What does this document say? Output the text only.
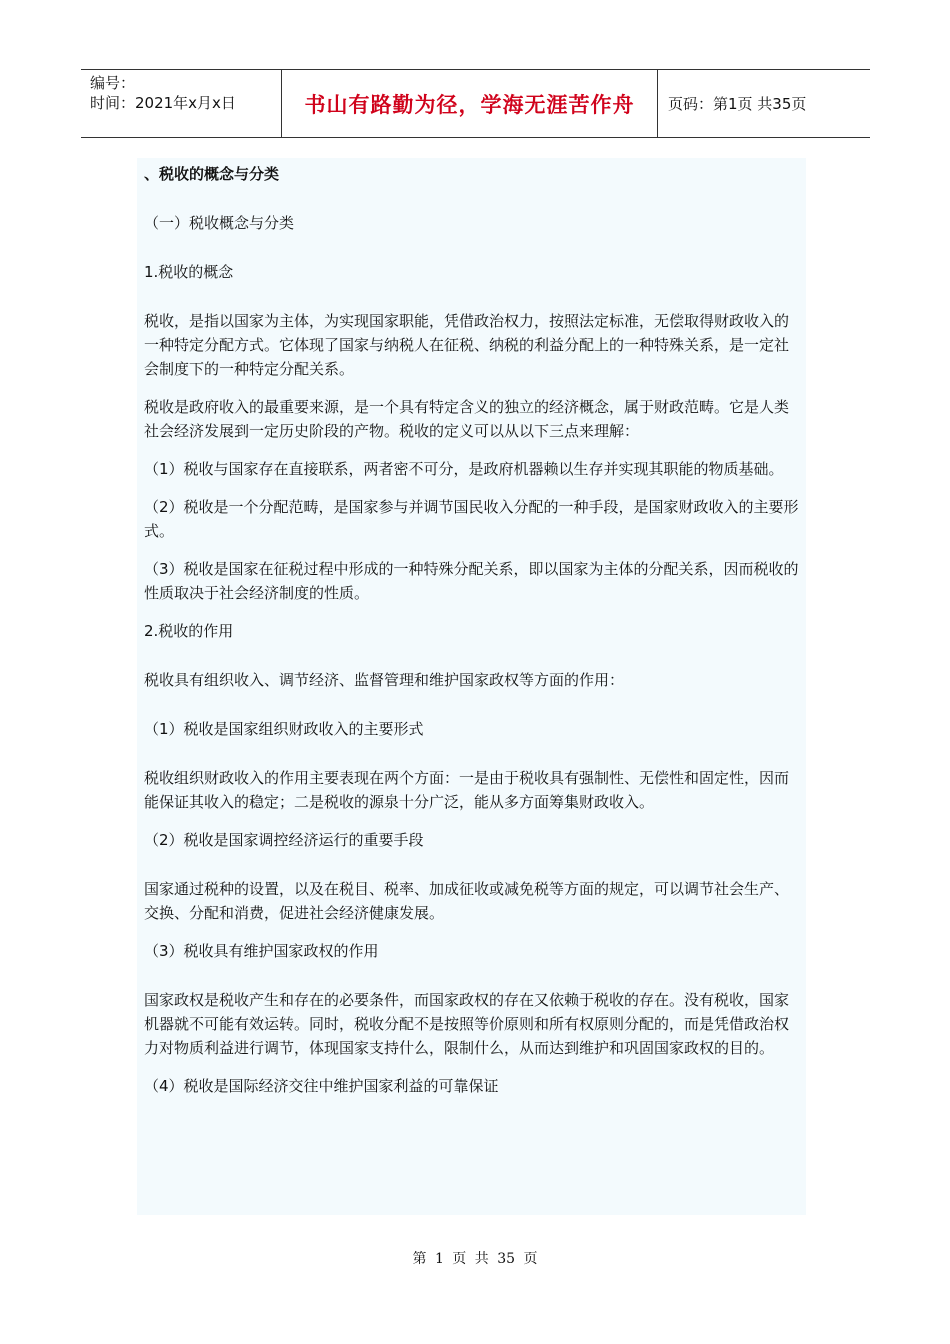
编号：
时间：2021年x月x日	书山有路勤为径，学海无涯苦作舟	页码：第1页 共35页

、税收的概念与分类

（一）税收概念与分类

1.税收的概念

税收，是指以国家为主体，为实现国家职能，凭借政治权力，按照法定标准，无偿取得财政收入的一种特定分配方式。它体现了国家与纳税人在征税、纳税的利益分配上的一种特殊关系，是一定社会制度下的一种特定分配关系。

税收是政府收入的最重要来源，是一个具有特定含义的独立的经济概念，属于财政范畴。它是人类社会经济发展到一定历史阶段的产物。税收的定义可以从以下三点来理解：

（1）税收与国家存在直接联系，两者密不可分，是政府机器赖以生存并实现其职能的物质基础。

（2）税收是一个分配范畴，是国家参与并调节国民收入分配的一种手段，是国家财政收入的主要形式。

（3）税收是国家在征税过程中形成的一种特殊分配关系，即以国家为主体的分配关系，因而税收的性质取决于社会经济制度的性质。

2.税收的作用

税收具有组织收入、调节经济、监督管理和维护国家政权等方面的作用：

（1）税收是国家组织财政收入的主要形式

税收组织财政收入的作用主要表现在两个方面：一是由于税收具有强制性、无偿性和固定性，因而能保证其收入的稳定；二是税收的源泉十分广泛，能从多方面筹集财政收入。

（2）税收是国家调控经济运行的重要手段

国家通过税种的设置，以及在税目、税率、加成征收或减免税等方面的规定，可以调节社会生产、交换、分配和消费，促进社会经济健康发展。

（3）税收具有维护国家政权的作用

国家政权是税收产生和存在的必要条件，而国家政权的存在又依赖于税收的存在。没有税收，国家机器就不可能有效运转。同时，税收分配不是按照等价原则和所有权原则分配的，而是凭借政治权力对物质利益进行调节，体现国家支持什么，限制什么，从而达到维护和巩固国家政权的目的。

（4）税收是国际经济交往中维护国家利益的可靠保证

第 1 页 共 35 页
